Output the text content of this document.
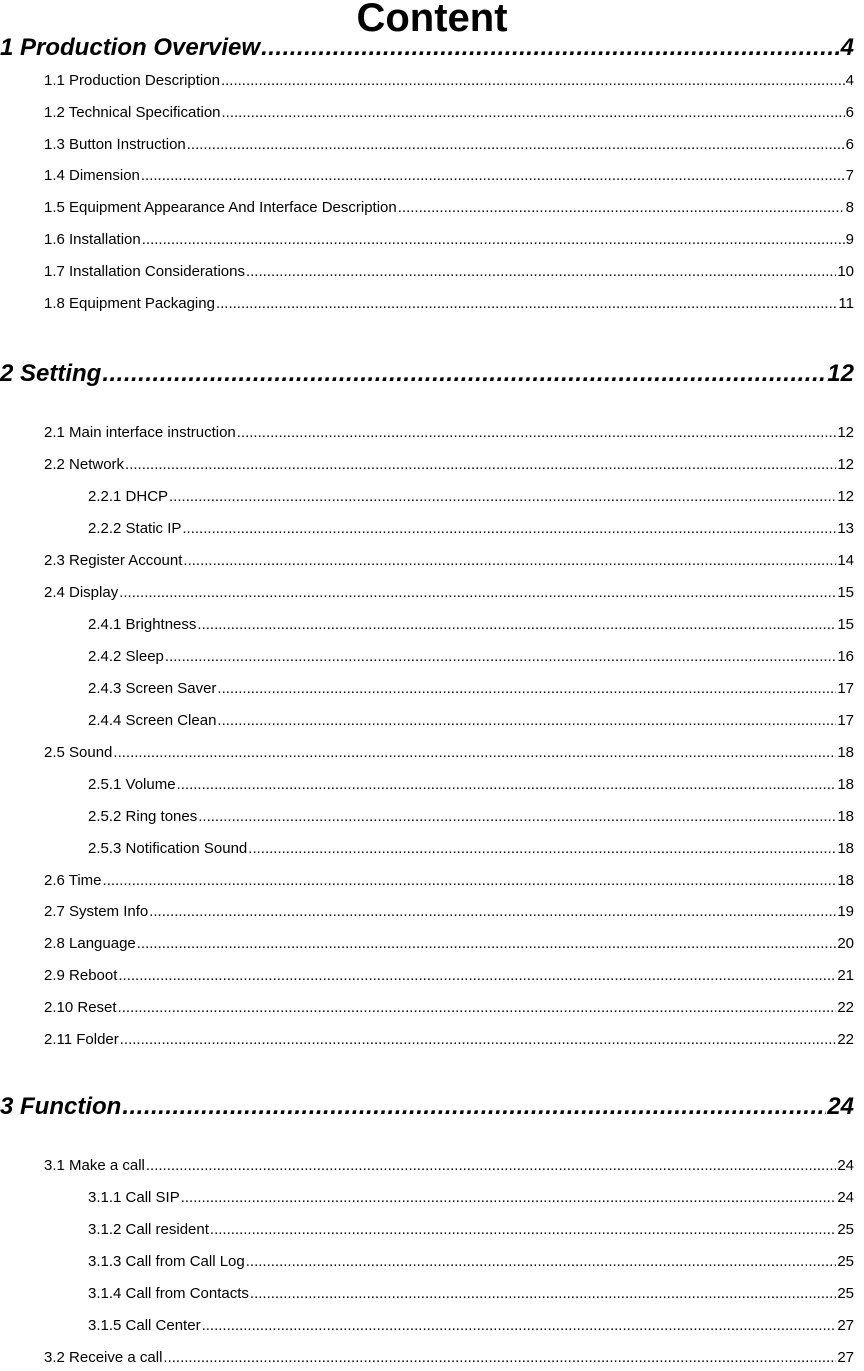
Content
1 Production Overview .....	4
1.1 Production Description .....	4
1.2 Technical Specification .....	6
1.3 Button Instruction .....	6
1.4 Dimension .....	7
1.5 Equipment Appearance And Interface Description .....	8
1.6 Installation .....	9
1.7 Installation Considerations .....	10
1.8 Equipment Packaging .....	11
2 Setting .....	12
2.1 Main interface instruction .....	12
2.2 Network .....	12
2.2.1 DHCP .....	12
2.2.2 Static IP .....	13
2.3 Register Account .....	14
2.4 Display .....	15
2.4.1 Brightness .....	15
2.4.2 Sleep .....	16
2.4.3 Screen Saver .....	17
2.4.4 Screen Clean .....	17
2.5 Sound .....	18
2.5.1 Volume .....	18
2.5.2 Ring tones .....	18
2.5.3 Notification Sound .....	18
2.6 Time .....	18
2.7 System Info .....	19
2.8 Language .....	20
2.9 Reboot .....	21
2.10 Reset .....	22
2.11 Folder .....	22
3 Function .....	24
3.1 Make a call .....	24
3.1.1 Call SIP .....	24
3.1.2 Call resident .....	25
3.1.3 Call from Call Log .....	25
3.1.4 Call from Contacts .....	25
3.1.5 Call Center .....	27
3.2 Receive a call .....	27
